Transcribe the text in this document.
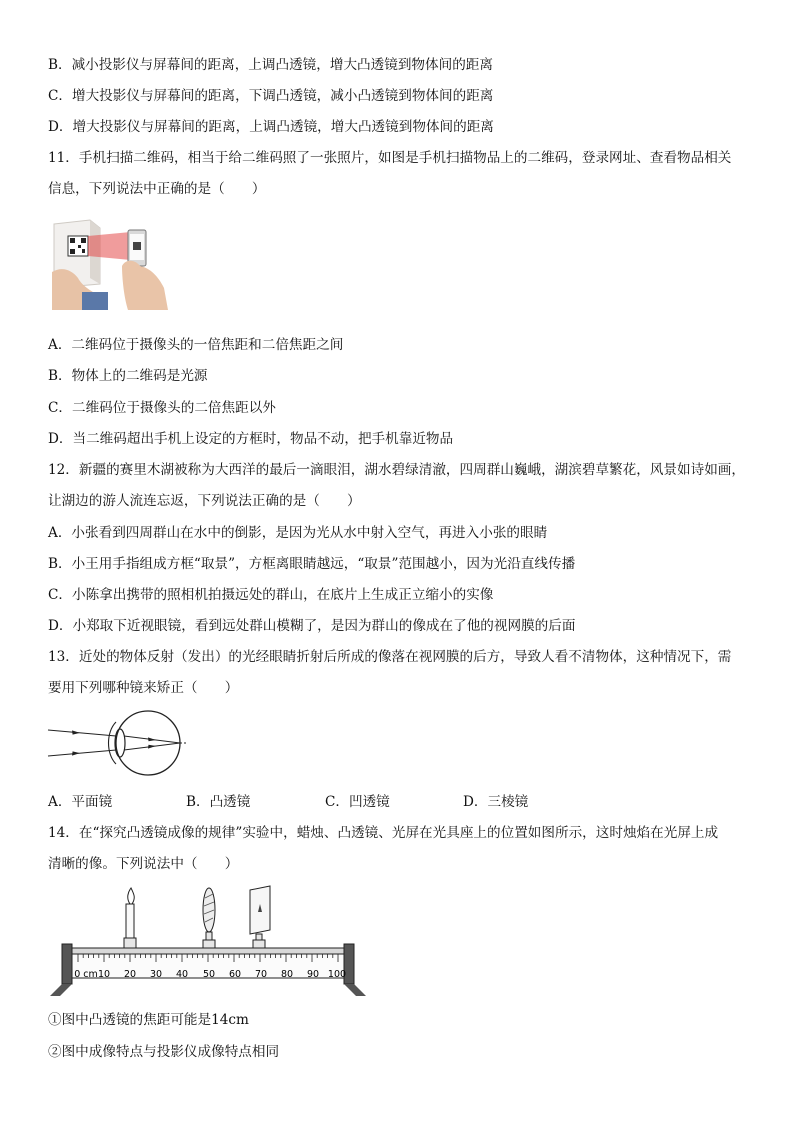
B．减小投影仪与屏幕间的距离，上调凸透镜，增大凸透镜到物体间的距离
C．增大投影仪与屏幕间的距离，下调凸透镜，减小凸透镜到物体间的距离
D．增大投影仪与屏幕间的距离，上调凸透镜，增大凸透镜到物体间的距离
11．手机扫描二维码，相当于给二维码照了一张照片，如图是手机扫描物品上的二维码，登录网址、查看物品相关
信息，下列说法中正确的是（　　）
A．二维码位于摄像头的一倍焦距和二倍焦距之间
B．物体上的二维码是光源
C．二维码位于摄像头的二倍焦距以外
D．当二维码超出手机上设定的方框时，物品不动，把手机靠近物品
12．新疆的赛里木湖被称为大西洋的最后一滴眼泪，湖水碧绿清澈，四周群山巍峨，湖滨碧草繁花，风景如诗如画，
让湖边的游人流连忘返，下列说法正确的是（　　）
A．小张看到四周群山在水中的倒影，是因为光从水中射入空气，再进入小张的眼睛
B．小王用手指组成方框“取景”，方框离眼睛越远，“取景”范围越小，因为光沿直线传播
C．小陈拿出携带的照相机拍摄远处的群山，在底片上生成正立缩小的实像
D．小郑取下近视眼镜，看到远处群山模糊了，是因为群山的像成在了他的视网膜的后面
13．近处的物体反射（发出）的光经眼睛折射后所成的像落在视网膜的后方，导致人看不清物体，这种情况下，需
要用下列哪种镜来矫正（　　）
A．平面镜	B．凸透镜	C．凹透镜	D．三棱镜
14．在“探究凸透镜成像的规律”实验中，蜡烛、凸透镜、光屏在光具座上的位置如图所示，这时烛焰在光屏上成
清晰的像。下列说法中（　　）
0 cm 10 20 30 40 50 60 70 80 90 100
①图中凸透镜的焦距可能是14cm
②图中成像特点与投影仪成像特点相同
